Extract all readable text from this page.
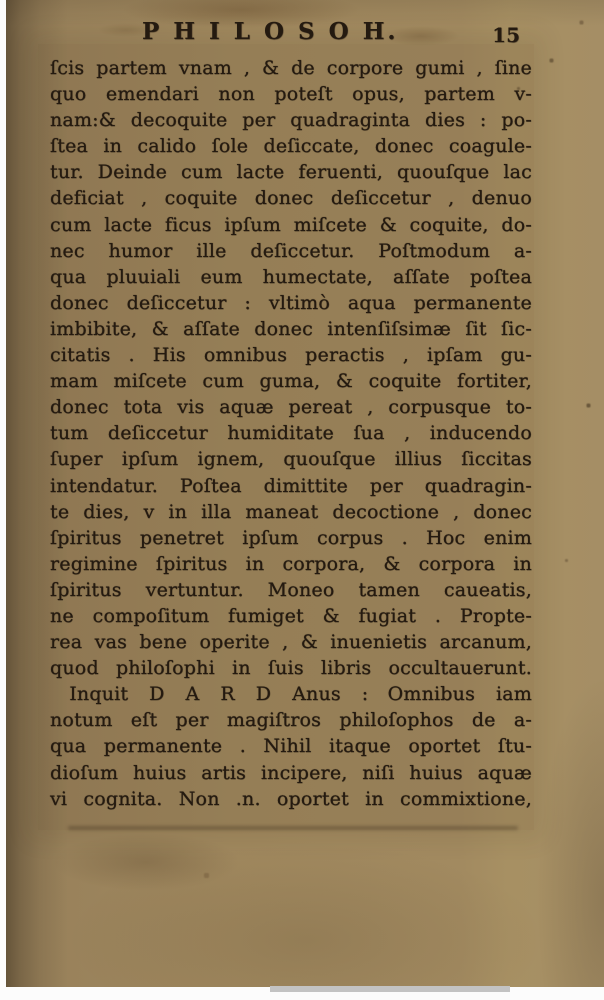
P H I L O S O H.	15
ſcis partem vnam , & de corpore gumi , ſine
quo emendari non poteſt opus, partem v-
nam:& decoquite per quadraginta dies : po-
ſtea in calido ſole deſiccate, donec coagule-
tur. Deinde cum lacte feruenti, quouſque lac
deficiat , coquite donec deſiccetur , denuo
cum lacte ficus ipſum miſcete & coquite, do-
nec humor ille deſiccetur. Poſtmodum a-
qua pluuiali eum humectate, aſſate poſtea
donec deſiccetur : vltimò aqua permanente
imbibite, & aſſate donec intenſiſsimæ ſit ſic-
citatis . His omnibus peractis , ipſam gu-
mam miſcete cum guma, & coquite fortiter,
donec tota vis aquæ pereat , corpusque to-
tum deſiccetur humiditate ſua , inducendo
ſuper ipſum ignem, quouſque illius ſiccitas
intendatur. Poſtea dimittite per quadragin-
te dies, v in illa maneat decoctione , donec
ſpiritus penetret ipſum corpus . Hoc enim
regimine ſpiritus in corpora, & corpora in
ſpiritus vertuntur. Moneo tamen caueatis,
ne compoſitum fumiget & fugiat . Propte-
rea vas bene operite , & inuenietis arcanum,
quod philoſophi in ſuis libris occultauerunt.
 Inquit D A R D Anus : Omnibus iam
notum eſt per magiſtros philoſophos de a-
qua permanente . Nihil itaque oportet ſtu-
dioſum huius artis incipere, niſi huius aquæ
vi cognita. Non .n. oportet in commixtione,
